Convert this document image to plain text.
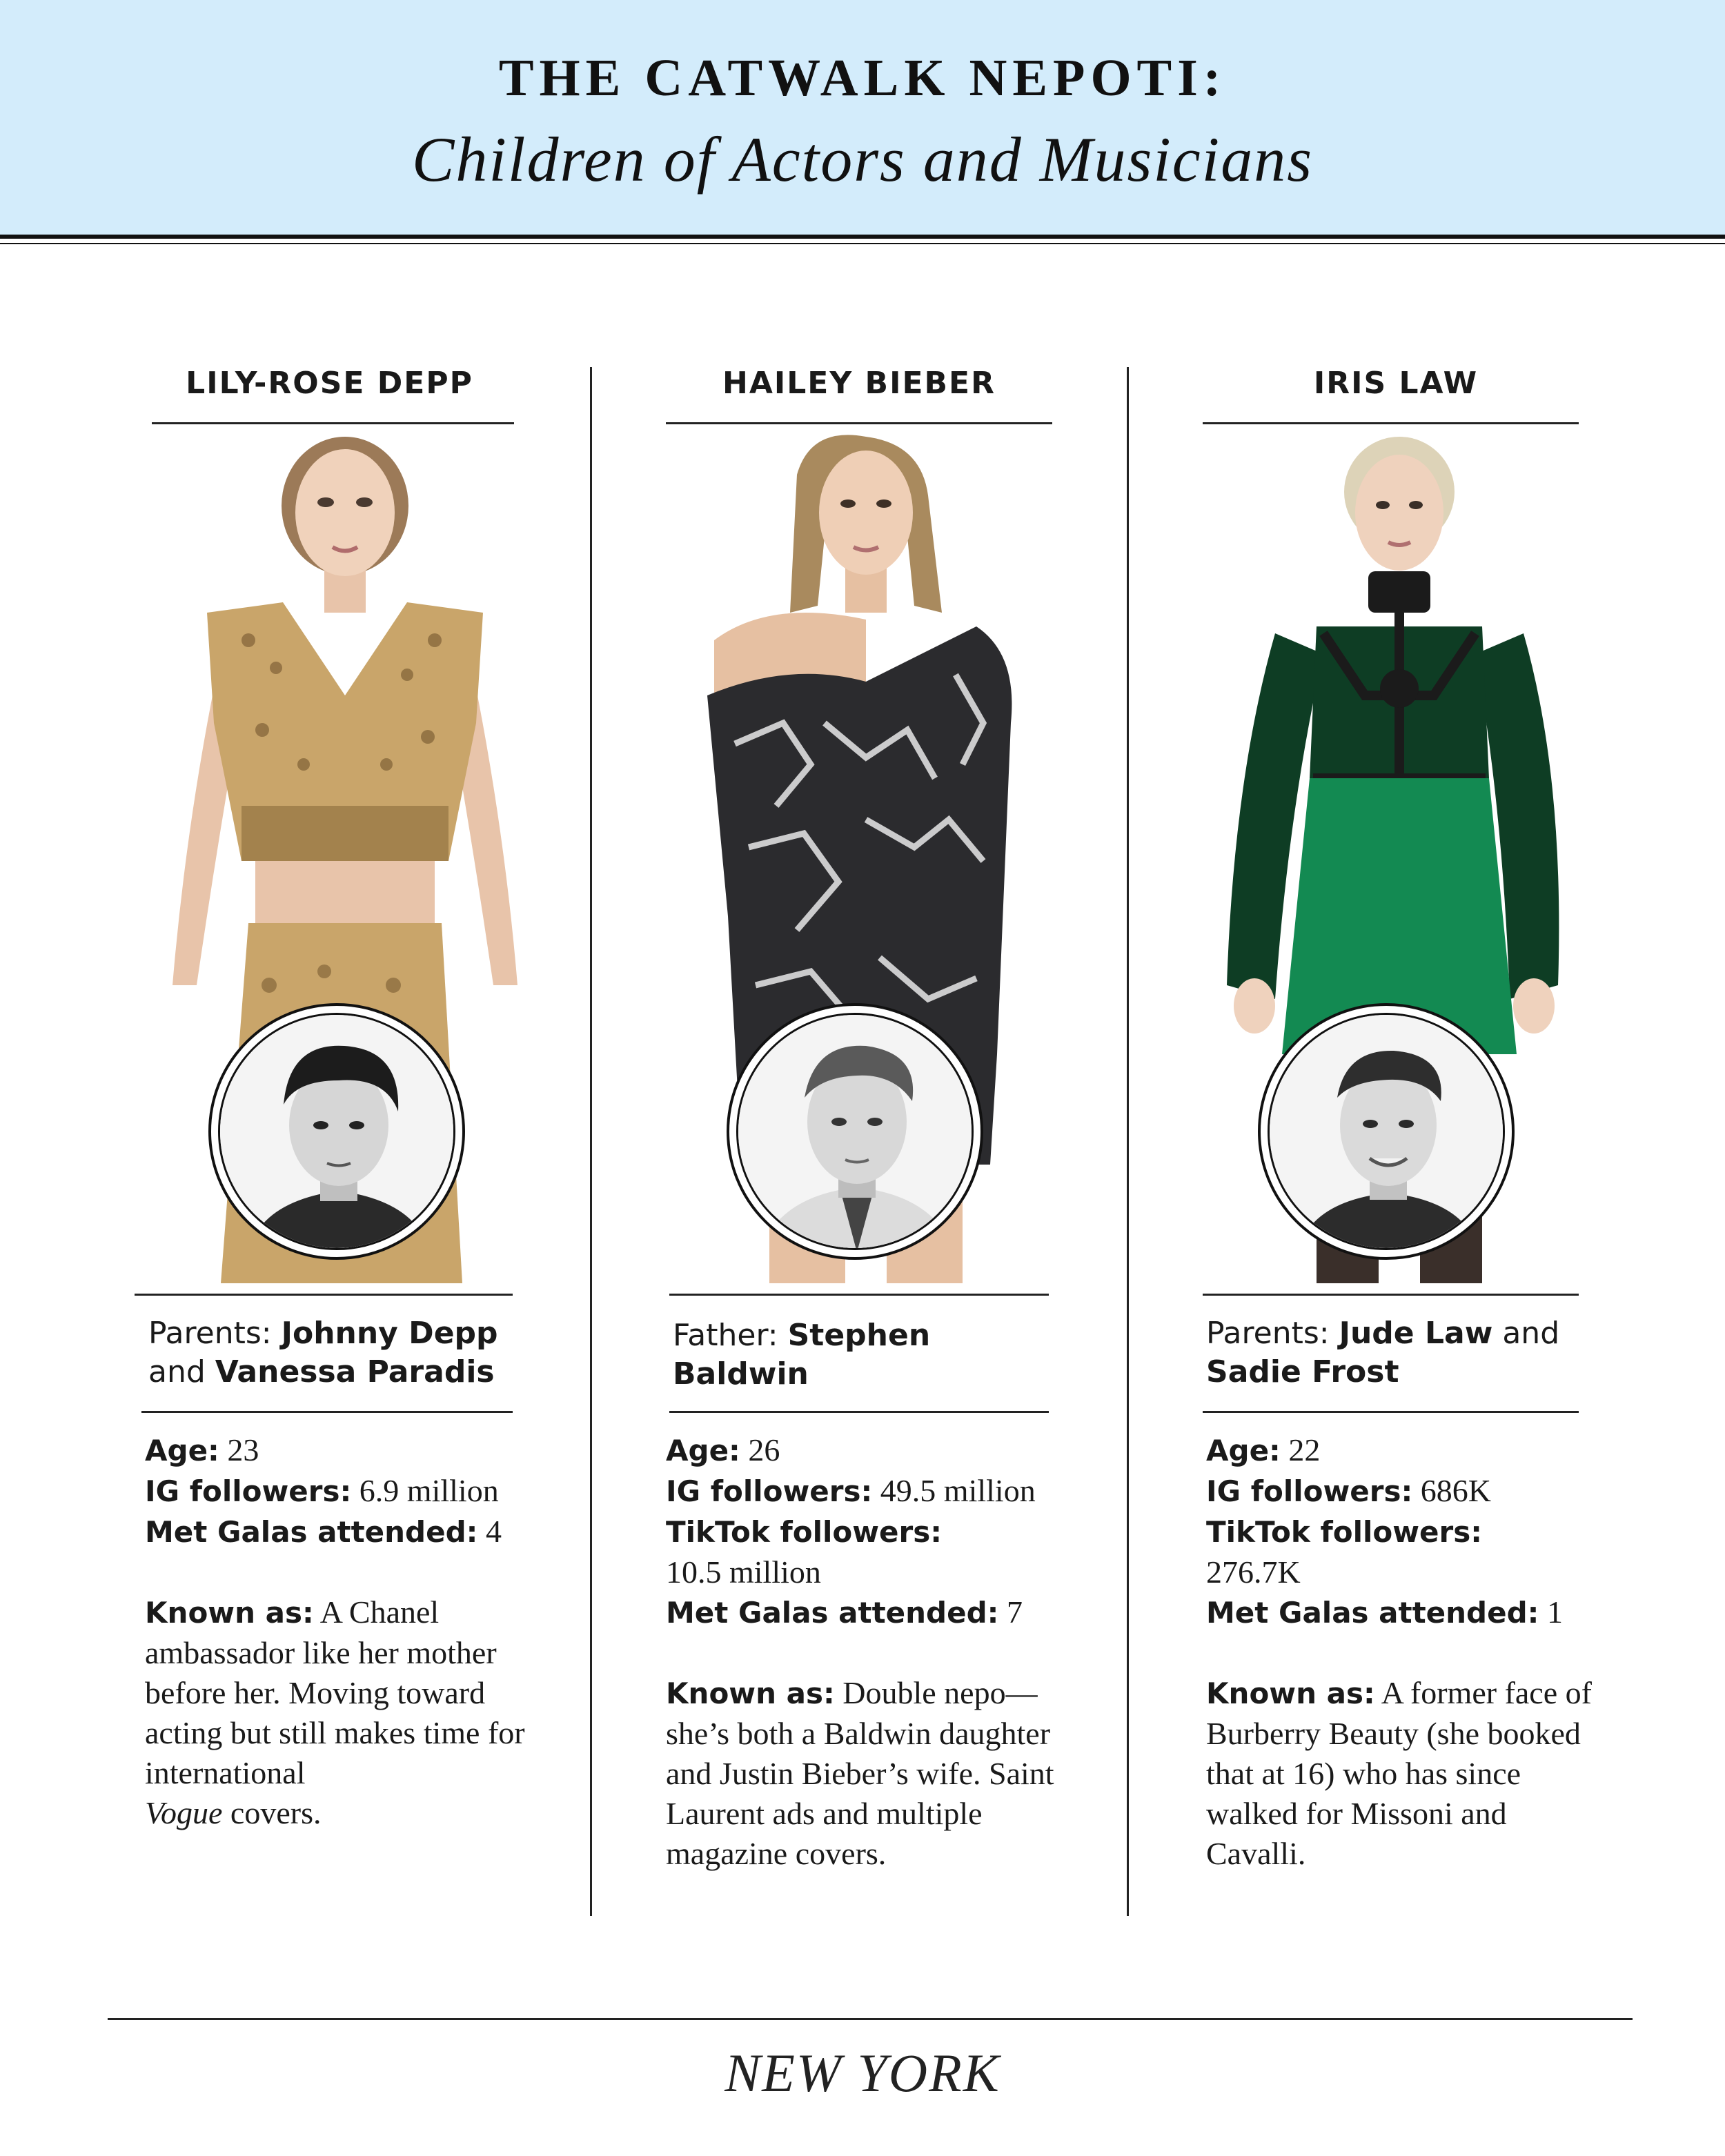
THE CATWALK NEPOTI:
Children of Actors and Musicians
LILY-ROSE DEPP
Parents: Johnny Depp
and Vanessa Paradis
Age: 23
IG followers: 6.9 million
Met Galas attended: 4
Known as: A Chanel ambassador like her mother before her. Moving toward acting but still makes time for international
Vogue covers.
HAILEY BIEBER
Father: Stephen Baldwin
Age: 26
IG followers: 49.5 million
TikTok followers:
10.5 million
Met Galas attended: 7
Known as: Double nepo—she’s both a Baldwin daughter and Justin Bieber’s wife. Saint Laurent ads and multiple magazine covers.
IRIS LAW
Parents: Jude Law and
Sadie Frost
Age: 22
IG followers: 686K
TikTok followers:
276.7K
Met Galas attended: 1
Known as: A former face of Burberry Beauty (she booked that at 16) who has since walked for Missoni and Cavalli.
NEW YORK
